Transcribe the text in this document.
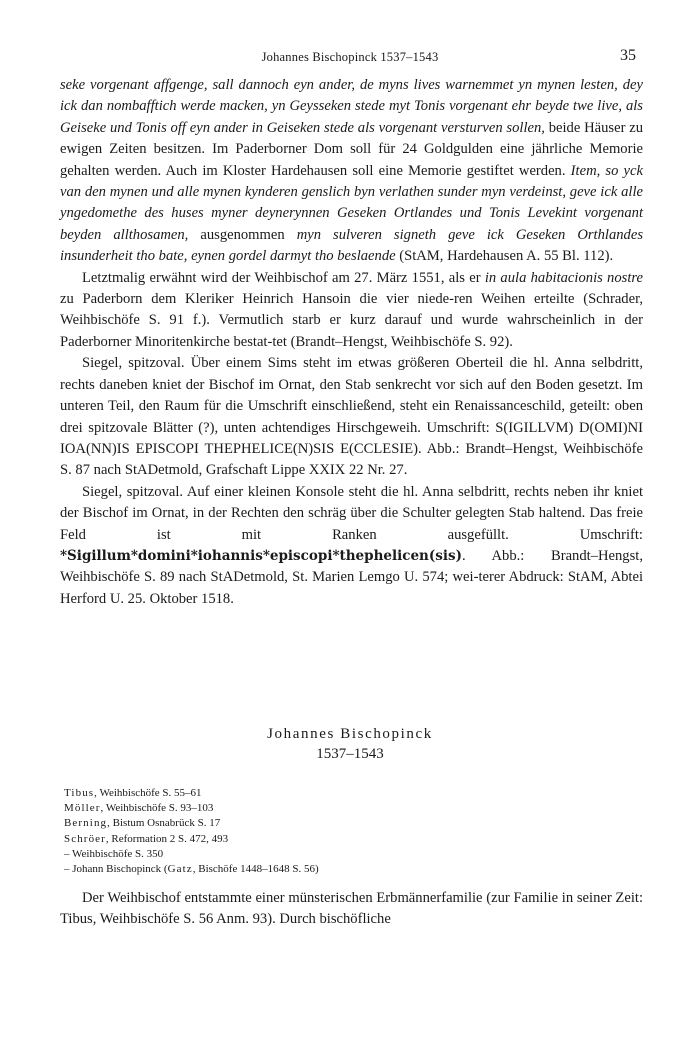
Johannes Bischopinck 1537–1543	35

seke vorgenant affgenge, sall dannoch eyn ander, de myns lives warnemmet yn mynen lesten, dey ick dan nombafftich werde macken, yn Geysseken stede myt Tonis vorgenant ehr beyde twe live, als Geiseke und Tonis off eyn ander in Geiseken stede als vorgenant versturven sollen, beide Häuser zu ewigen Zeiten besitzen. Im Paderborner Dom soll für 24 Goldgulden eine jährliche Memorie gehalten werden. Auch im Kloster Hardehausen soll eine Memorie gestiftet werden. Item, so yck van den mynen und alle mynen kynderen genslich byn verlathen sunder myn verdeinst, geve ick alle yngedomethe des huses myner deynerynnen Geseken Ortlandes und Tonis Levekint vorgenant beyden allthosamen, ausgenommen myn sulveren signeth geve ick Geseken Orthlandes insunderheit tho bate, eynen gordel darmyt tho beslaende (StAM, Hardehausen A. 55 Bl. 112).

Letztmalig erwähnt wird der Weihbischof am 27. März 1551, als er in aula habitacionis nostre zu Paderborn dem Kleriker Heinrich Hansoin die vier niede-ren Weihen erteilte (Schrader, Weihbischöfe S. 91 f.). Vermutlich starb er kurz darauf und wurde wahrscheinlich in der Paderborner Minoritenkirche bestat-tet (Brandt–Hengst, Weihbischöfe S. 92).

Siegel, spitzoval. Über einem Sims steht im etwas größeren Oberteil die hl. Anna selbdritt, rechts daneben kniet der Bischof im Ornat, den Stab senkrecht vor sich auf den Boden gesetzt. Im unteren Teil, den Raum für die Umschrift einschließend, steht ein Renaissanceschild, geteilt: oben drei spitzovale Blätter (?), unten achtendiges Hirschgeweih. Umschrift: S(IGILLVM) D(OMI)NI IOA(NN)IS EPISCOPI THEPHELICE(N)SIS E(CCLESIE). Abb.: Brandt–Hengst, Weihbischöfe S. 87 nach StADetmold, Grafschaft Lippe XXIX 22 Nr. 27.

Siegel, spitzoval. Auf einer kleinen Konsole steht die hl. Anna selbdritt, rechts neben ihr kniet der Bischof im Ornat, in der Rechten den schräg über die Schulter gelegten Stab haltend. Das freie Feld ist mit Ranken ausgefüllt. Umschrift: *Sigillum*domini*iohannis*episcopi*thephelicen(sis). Abb.: Brandt–Hengst, Weihbischöfe S. 89 nach StADetmold, St. Marien Lemgo U. 574; wei-terer Abdruck: StAM, Abtei Herford U. 25. Oktober 1518.

Johannes Bischopinck
1537–1543
Tibus, Weihbischöfe S. 55–61
Möller, Weihbischöfe S. 93–103
Berning, Bistum Osnabrück S. 17
Schröer, Reformation 2 S. 472, 493
– Weihbischöfe S. 350
– Johann Bischopinck (Gatz, Bischöfe 1448–1648 S. 56)

Der Weihbischof entstammte einer münsterischen Erbmännerfamilie (zur Familie in seiner Zeit: Tibus, Weihbischöfe S. 56 Anm. 93). Durch bischöfliche
